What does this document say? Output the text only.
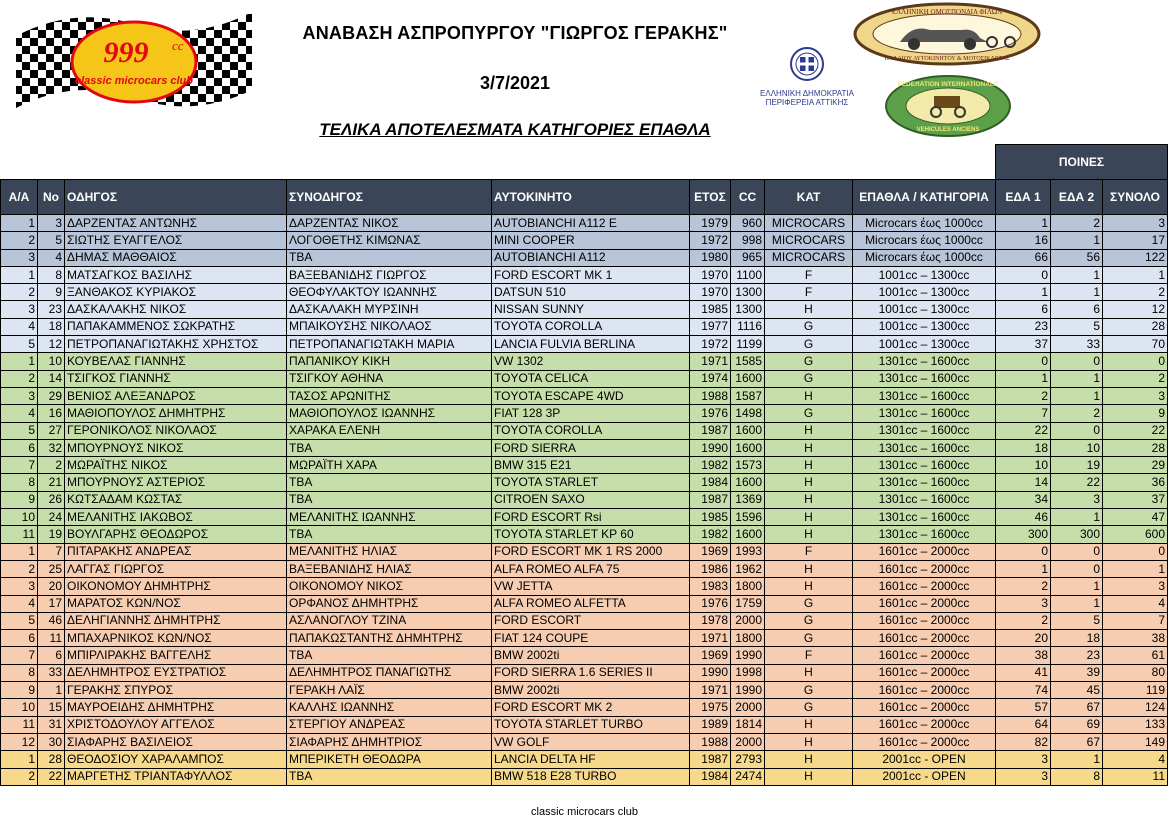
999 cc
classic microcars club
ΑΝΑΒΑΣΗ ΑΣΠΡΟΠΥΡΓΟΥ "ΓΙΩΡΓΟΣ ΓΕΡΑΚΗΣ"
3/7/2021
ΤΕΛΙΚΑ ΑΠΟΤΕΛΕΣΜΑΤΑ ΚΑΤΗΓΟΡΙΕΣ ΕΠΑΘΛΑ
ΕΛΛΗΝΙΚΗ ΔΗΜΟΚΡΑΤΙΑ
ΠΕΡΙΦΕΡΕΙΑ ΑΤΤΙΚΗΣ
ΕΛΛΗΝΙΚΗ ΟΜΟΣΠΟΝΔΙΑ ΦΙΛΩΝ
ΠΑΛΑΙΟΥ ΑΥΤΟΚΙΝΗΤΟΥ & ΜΟΤΟΣΙΚΛΕΤΑΣ
FEDERATION INTERNATIONALE
VEHICULES ANCIENS
									ΠΟΙΝΕΣ		
Α/Α	Νο	ΟΔΗΓΟΣ	ΣΥΝΟΔΗΓΟΣ	ΑΥΤΟΚΙΝΗΤΟ	ΕΤΟΣ	CC	ΚΑΤ	ΕΠΑΘΛΑ / ΚΑΤΗΓΟΡΙΑ	ΕΔΑ 1	ΕΔΑ 2	ΣΥΝΟΛΟ
1	3	ΔΑΡΖΕΝΤΑΣ ΑΝΤΩΝΗΣ	ΔΑΡΖΕΝΤΑΣ ΝΙΚΟΣ	AUTOBIANCHI A112 E	1979	960	MICROCARS	Microcars έως 1000cc	1	2	3
2	5	ΣΙΩΤΗΣ ΕΥΑΓΓΕΛΟΣ	ΛΟΓΟΘΕΤΗΣ ΚΙΜΩΝΑΣ	MINI COOPER	1972	998	MICROCARS	Microcars έως 1000cc	16	1	17
3	4	ΔΗΜΑΣ ΜΑΘΘΑΙΟΣ	ΤΒΑ	AUTOBIANCHI A112	1980	965	MICROCARS	Microcars έως 1000cc	66	56	122
1	8	ΜΑΤΣΑΓΚΟΣ ΒΑΣΙΛΗΣ	ΒΑΞΕΒΑΝΙΔΗΣ ΓΙΩΡΓΟΣ	FORD ESCORT MK 1	1970	1100	F	1001cc – 1300cc	0	1	1
2	9	ΞΑΝΘΑΚΟΣ ΚΥΡΙΑΚΟΣ	ΘΕΟΦΥΛΑΚΤΟΥ ΙΩΑΝΝΗΣ	DATSUN 510	1970	1300	F	1001cc – 1300cc	1	1	2
3	23	ΔΑΣΚΑΛΑΚΗΣ ΝΙΚΟΣ	ΔΑΣΚΑΛΑΚΗ ΜΥΡΣΙΝΗ	NISSAN SUNNY	1985	1300	H	1001cc – 1300cc	6	6	12
4	18	ΠΑΠΑΚΑΜΜΕΝΟΣ ΣΩΚΡΑΤΗΣ	ΜΠΑΙΚΟΥΣΗΣ ΝΙΚΟΛΑΟΣ	TOYOTA COROLLA	1977	1116	G	1001cc – 1300cc	23	5	28
5	12	ΠΕΤΡΟΠΑΝΑΓΙΩΤΑΚΗΣ ΧΡΗΣΤΟΣ	ΠΕΤΡΟΠΑΝΑΓΙΩΤΑΚΗ ΜΑΡΙΑ	LANCIA FULVIA BERLINA	1972	1199	G	1001cc – 1300cc	37	33	70
1	10	ΚΟΥΒΕΛΑΣ ΓΙΑΝΝΗΣ	ΠΑΠΑΝΙΚΟΥ ΚΙΚΗ	VW 1302	1971	1585	G	1301cc – 1600cc	0	0	0
2	14	ΤΣΙΓΚΟΣ ΓΙΑΝΝΗΣ	ΤΣΙΓΚΟΥ ΑΘΗΝΑ	TOYOTA CELICA	1974	1600	G	1301cc – 1600cc	1	1	2
3	29	ΒΕΝΙΟΣ ΑΛΕΞΑΝΔΡΟΣ	ΤΑΣΟΣ ΑΡΩΝΙΤΗΣ	TOYOTA ESCAPE 4WD	1988	1587	H	1301cc – 1600cc	2	1	3
4	16	ΜΑΘΙΟΠΟΥΛΟΣ ΔΗΜΗΤΡΗΣ	ΜΑΘΙΟΠΟΥΛΟΣ ΙΩΑΝΝΗΣ	FIAT 128 3P	1976	1498	G	1301cc – 1600cc	7	2	9
5	27	ΓΕΡΟΝΙΚΟΛΟΣ ΝΙΚΟΛΑΟΣ	ΧΑΡΑΚΑ ΕΛΕΝΗ	TOYOTA COROLLA	1987	1600	H	1301cc – 1600cc	22	0	22
6	32	ΜΠΟΥΡΝΟΥΣ ΝΙΚΟΣ	ΤΒΑ	FORD SIERRA	1990	1600	H	1301cc – 1600cc	18	10	28
7	2	ΜΩΡΑΪΤΗΣ ΝΙΚΟΣ	ΜΩΡΑΪΤΗ ΧΑΡΑ	BMW 315 E21	1982	1573	H	1301cc – 1600cc	10	19	29
8	21	ΜΠΟΥΡΝΟΥΣ ΑΣΤΕΡΙΟΣ	ΤΒΑ	TOYOTA STARLET	1984	1600	H	1301cc – 1600cc	14	22	36
9	26	ΚΩΤΣΑΔΑΜ ΚΩΣΤΑΣ	ΤΒΑ	CITROEN SAXO	1987	1369	H	1301cc – 1600cc	34	3	37
10	24	ΜΕΛΑΝΙΤΗΣ ΙΑΚΩΒΟΣ	ΜΕΛΑΝΙΤΗΣ ΙΩΑΝΝΗΣ	FORD ESCORT Rsi	1985	1596	H	1301cc – 1600cc	46	1	47
11	19	ΒΟΥΛΓΑΡΗΣ ΘΕΟΔΩΡΟΣ	ΤΒΑ	TOYOTA STARLET KP 60	1982	1600	H	1301cc – 1600cc	300	300	600
1	7	ΠΙΤΑΡΑΚΗΣ ΑΝΔΡΕΑΣ	ΜΕΛΑΝΙΤΗΣ ΗΛΙΑΣ	FORD ESCORT MK 1 RS 2000	1969	1993	F	1601cc – 2000cc	0	0	0
2	25	ΛΑΓΓΑΣ ΓΙΩΡΓΟΣ	ΒΑΞΕΒΑΝΙΔΗΣ ΗΛΙΑΣ	ALFA ROMEO ALFA 75	1986	1962	H	1601cc – 2000cc	1	0	1
3	20	ΟΙΚΟΝΟΜΟΥ ΔΗΜΗΤΡΗΣ	ΟΙΚΟΝΟΜΟΥ ΝΙΚΟΣ	VW JETTA	1983	1800	H	1601cc – 2000cc	2	1	3
4	17	ΜΑΡΑΤΟΣ ΚΩΝ/ΝΟΣ	ΟΡΦΑΝΟΣ ΔΗΜΗΤΡΗΣ	ALFA ROMEO ALFETTA	1976	1759	G	1601cc – 2000cc	3	1	4
5	46	ΔΕΛΗΓΙΑΝΝΗΣ ΔΗΜΗΤΡΗΣ	ΑΣΛΑΝΟΓΛΟΥ ΤΖΙΝΑ	FORD ESCORT	1978	2000	G	1601cc – 2000cc	2	5	7
6	11	ΜΠΑΧΑΡΝΙΚΟΣ ΚΩΝ/ΝΟΣ	ΠΑΠΑΚΩΣΤΑΝΤΗΣ ΔΗΜΗΤΡΗΣ	FIAT 124 COUPE	1971	1800	G	1601cc – 2000cc	20	18	38
7	6	ΜΠΙΡΛΙΡΑΚΗΣ ΒΑΓΓΕΛΗΣ	ΤΒΑ	BMW 2002ti	1969	1990	F	1601cc – 2000cc	38	23	61
8	33	ΔΕΛΗΜΗΤΡΟΣ ΕΥΣΤΡΑΤΙΟΣ	ΔΕΛΗΜΗΤΡΟΣ ΠΑΝΑΓΙΩΤΗΣ	FORD SIERRA 1.6 SERIES II	1990	1998	H	1601cc – 2000cc	41	39	80
9	1	ΓΕΡΑΚΗΣ ΣΠΥΡΟΣ	ΓΕΡΑΚΗ ΛΑΪΣ	BMW 2002ti	1971	1990	G	1601cc – 2000cc	74	45	119
10	15	ΜΑΥΡΟΕΙΔΗΣ ΔΗΜΗΤΡΗΣ	ΚΑΛΛΗΣ ΙΩΑΝΝΗΣ	FORD ESCORT MK 2	1975	2000	G	1601cc – 2000cc	57	67	124
11	31	ΧΡΙΣΤΟΔΟΥΛΟΥ ΑΓΓΕΛΟΣ	ΣΤΕΡΓΙΟΥ ΑΝΔΡΕΑΣ	TOYOTA STARLET TURBO	1989	1814	H	1601cc – 2000cc	64	69	133
12	30	ΣΙΑΦΑΡΗΣ ΒΑΣΙΛΕΙΟΣ	ΣΙΑΦΑΡΗΣ ΔΗΜΗΤΡΙΟΣ	VW GOLF	1988	2000	H	1601cc – 2000cc	82	67	149
1	28	ΘΕΟΔΟΣΙΟΥ ΧΑΡΑΛΑΜΠΟΣ	ΜΠΕΡΙΚΕΤΗ ΘΕΟΔΩΡΑ	LANCIA DELTA HF	1987	2793	H	2001cc - OPEN	3	1	4
2	22	ΜΑΡΓΕΤΗΣ ΤΡΙΑΝΤΑΦΥΛΛΟΣ	ΤΒΑ	BMW 518 E28 TURBO	1984	2474	H	2001cc - OPEN	3	8	11
classic microcars club
